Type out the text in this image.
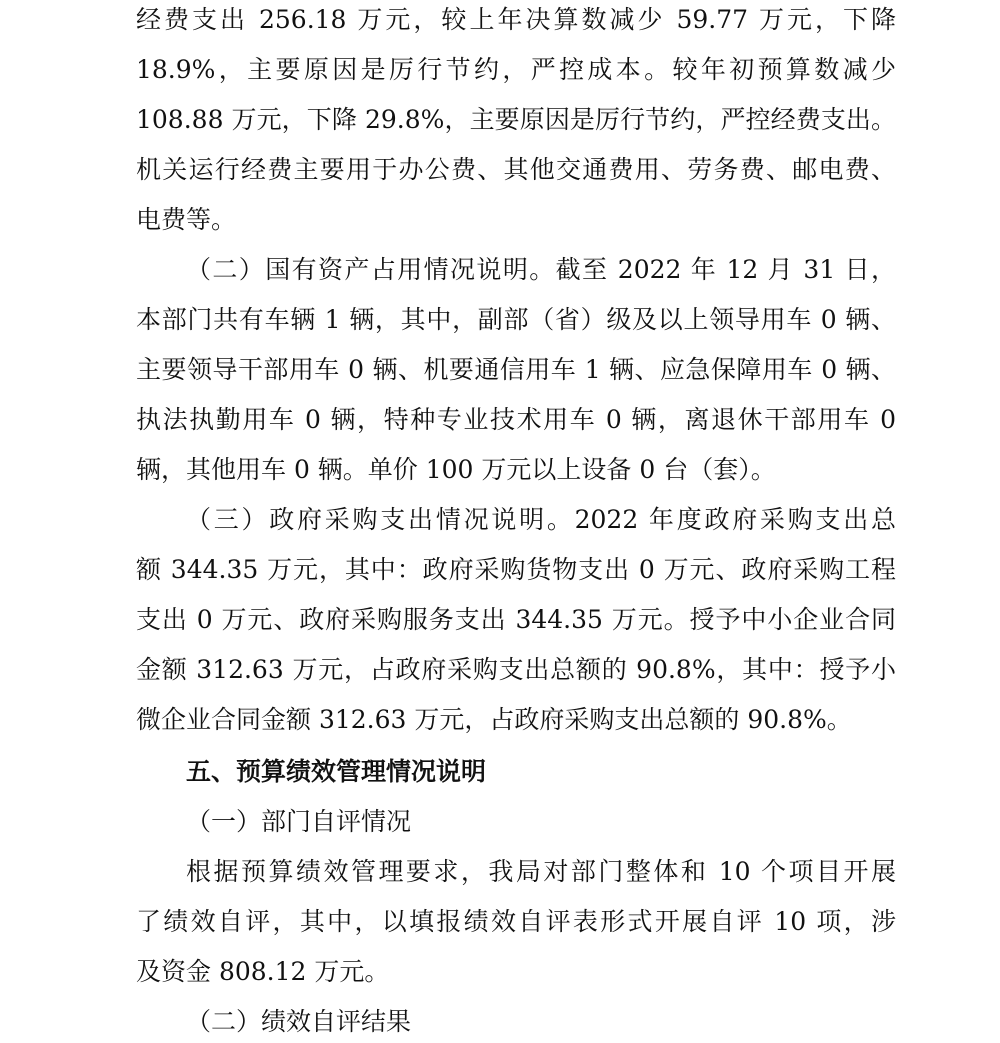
经费支出 256.18 万元，较上年决算数减少 59.77 万元，下降
18.9%，主要原因是厉行节约，严控成本。较年初预算数减少
108.88 万元，下降 29.8%，主要原因是厉行节约，严控经费支出。
机关运行经费主要用于办公费、其他交通费用、劳务费、邮电费、
电费等。
（二）国有资产占用情况说明。截至 2022 年 12 月 31 日，
本部门共有车辆 1 辆，其中，副部（省）级及以上领导用车 0 辆、
主要领导干部用车 0 辆、机要通信用车 1 辆、应急保障用车 0 辆、
执法执勤用车 0 辆，特种专业技术用车 0 辆，离退休干部用车 0
辆，其他用车 0 辆。单价 100 万元以上设备 0 台（套）。
（三）政府采购支出情况说明。2022 年度政府采购支出总
额 344.35 万元，其中：政府采购货物支出 0 万元、政府采购工程
支出 0 万元、政府采购服务支出 344.35 万元。授予中小企业合同
金额 312.63 万元，占政府采购支出总额的 90.8%，其中：授予小
微企业合同金额 312.63 万元，占政府采购支出总额的 90.8%。
五、预算绩效管理情况说明
（一）部门自评情况
根据预算绩效管理要求，我局对部门整体和 10 个项目开展
了绩效自评，其中，以填报绩效自评表形式开展自评 10 项，涉
及资金 808.12 万元。
（二）绩效自评结果
